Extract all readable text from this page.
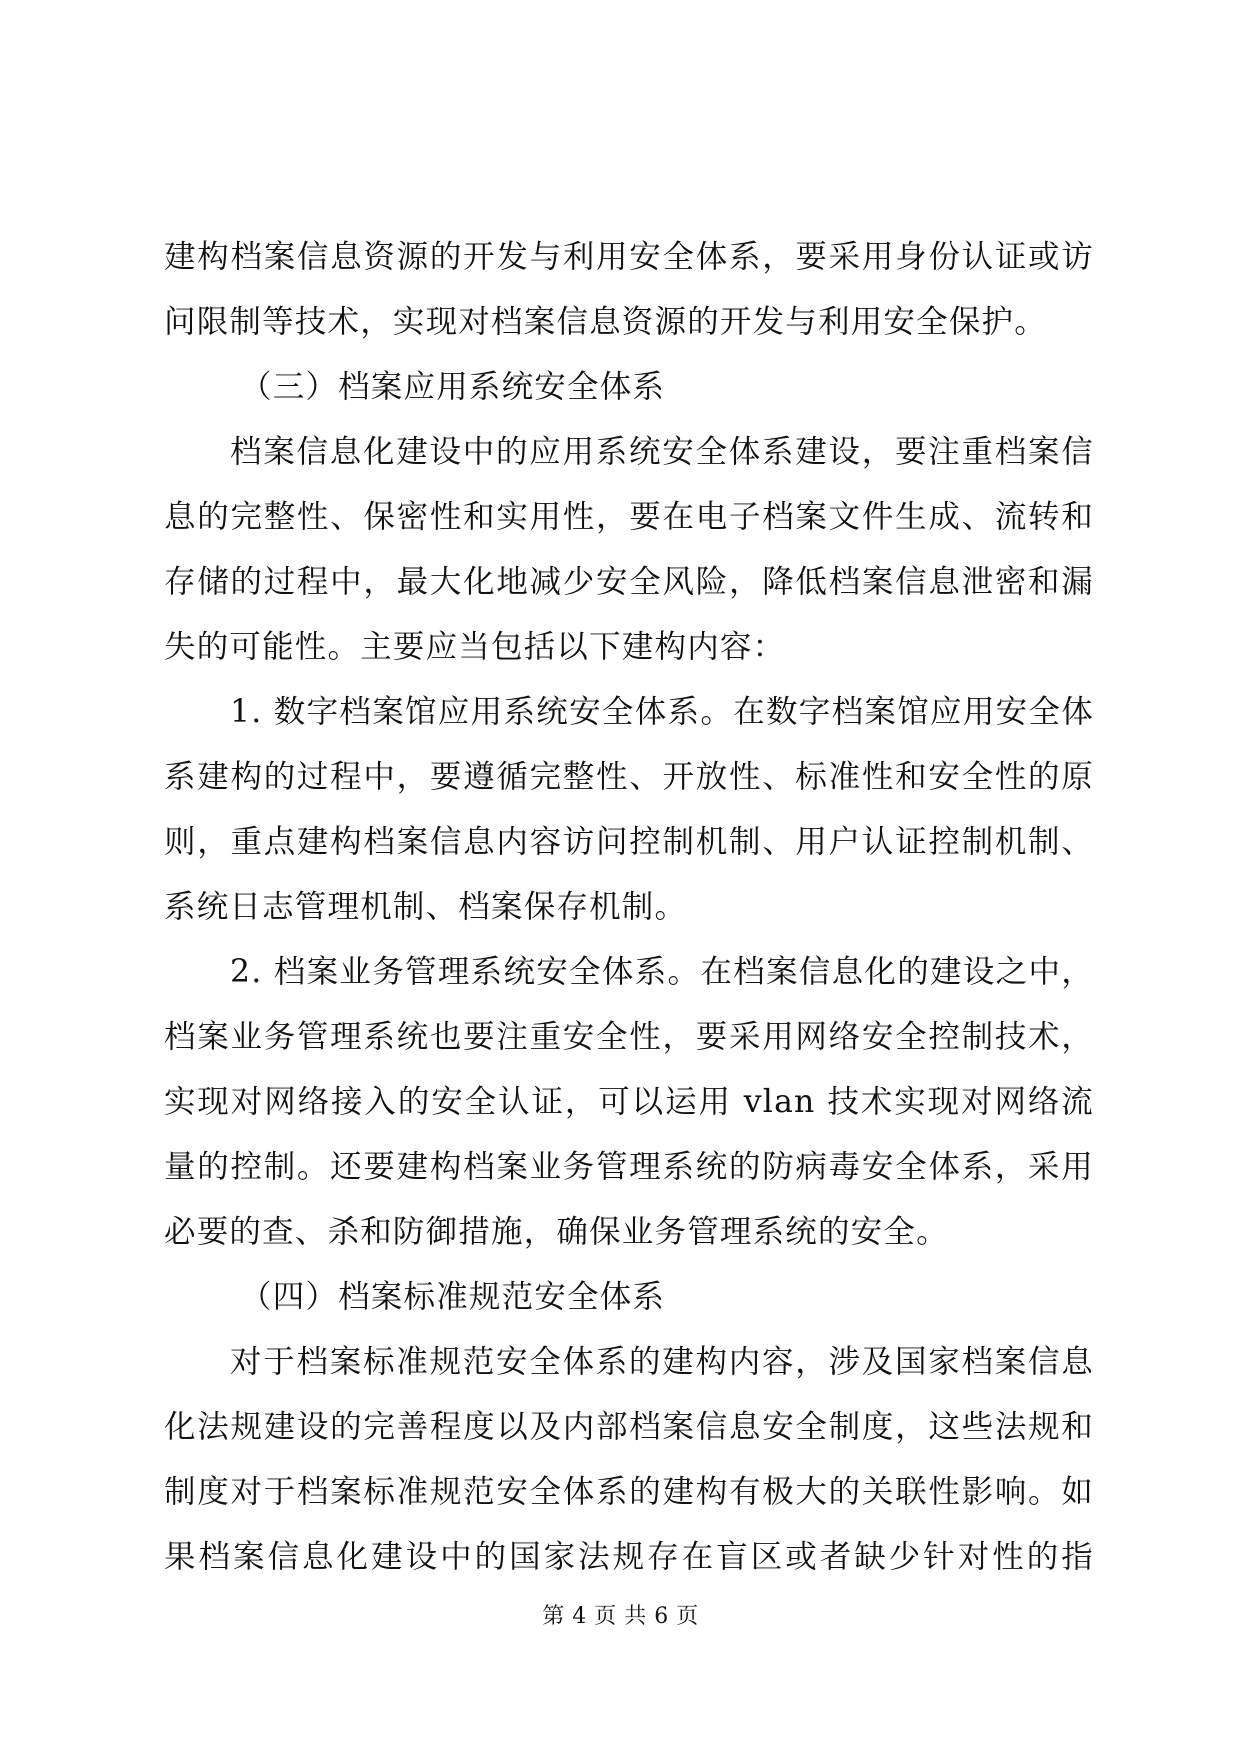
建构档案信息资源的开发与利用安全体系，要采用身份认证或访
问限制等技术，实现对档案信息资源的开发与利用安全保护。
（三）档案应用系统安全体系
档案信息化建设中的应用系统安全体系建设，要注重档案信
息的完整性、保密性和实用性，要在电子档案文件生成、流转和
存储的过程中，最大化地减少安全风险，降低档案信息泄密和漏
失的可能性。主要应当包括以下建构内容：
1. 数字档案馆应用系统安全体系。在数字档案馆应用安全体
系建构的过程中，要遵循完整性、开放性、标准性和安全性的原
则，重点建构档案信息内容访问控制机制、用户认证控制机制、
系统日志管理机制、档案保存机制。
2. 档案业务管理系统安全体系。在档案信息化的建设之中，
档案业务管理系统也要注重安全性，要采用网络安全控制技术，
实现对网络接入的安全认证，可以运用 vlan 技术实现对网络流
量的控制。还要建构档案业务管理系统的防病毒安全体系，采用
必要的查、杀和防御措施，确保业务管理系统的安全。
（四）档案标准规范安全体系
对于档案标准规范安全体系的建构内容，涉及国家档案信息
化法规建设的完善程度以及内部档案信息安全制度，这些法规和
制度对于档案标准规范安全体系的建构有极大的关联性影响。如
果档案信息化建设中的国家法规存在盲区或者缺少针对性的指
第 4 页 共 6 页
